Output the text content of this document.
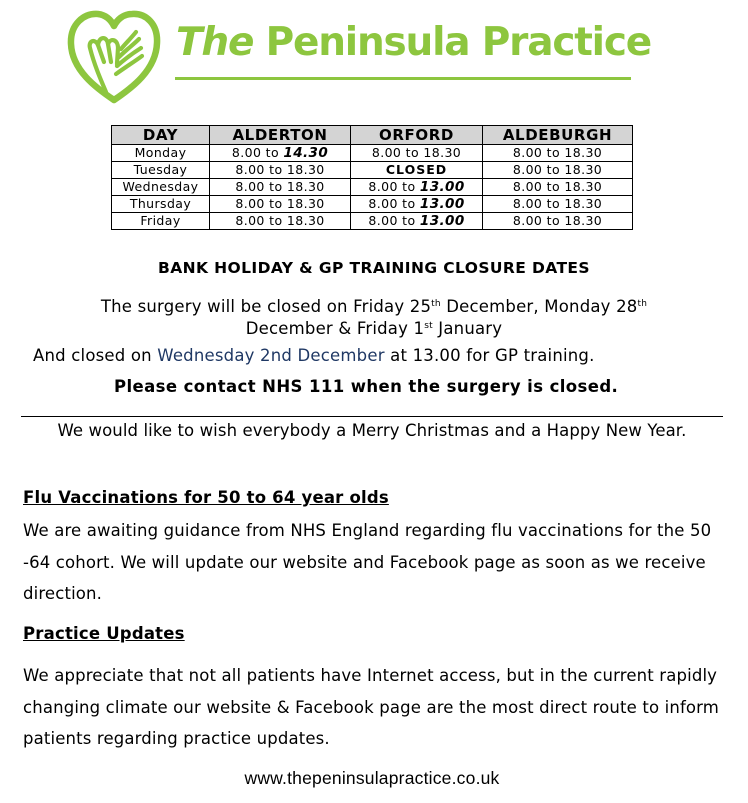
The Peninsula Practice
DAY	ALDERTON	ORFORD	ALDEBURGH
Monday	8.00 to 14.30	8.00 to 18.30	8.00 to 18.30
Tuesday	8.00 to 18.30	CLOSED	8.00 to 18.30
Wednesday	8.00 to 18.30	8.00 to 13.00	8.00 to 18.30
Thursday	8.00 to 18.30	8.00 to 13.00	8.00 to 18.30
Friday	8.00 to 18.30	8.00 to 13.00	8.00 to 18.30
BANK HOLIDAY & GP TRAINING CLOSURE DATES
The surgery will be closed on Friday 25th December, Monday 28th
December & Friday 1st January
And closed on Wednesday 2nd December at 13.00 for GP training.
Please contact NHS 111 when the surgery is closed.
We would like to wish everybody a Merry Christmas and a Happy New Year.
Flu Vaccinations for 50 to 64 year olds
We are awaiting guidance from NHS England regarding flu vaccinations for the 50 -64 cohort. We will update our website and Facebook page as soon as we receive direction.
Practice Updates
We appreciate that not all patients have Internet access, but in the current rapidly changing climate our website & Facebook page are the most direct route to inform patients regarding practice updates.
www.thepeninsulapractice.co.uk
